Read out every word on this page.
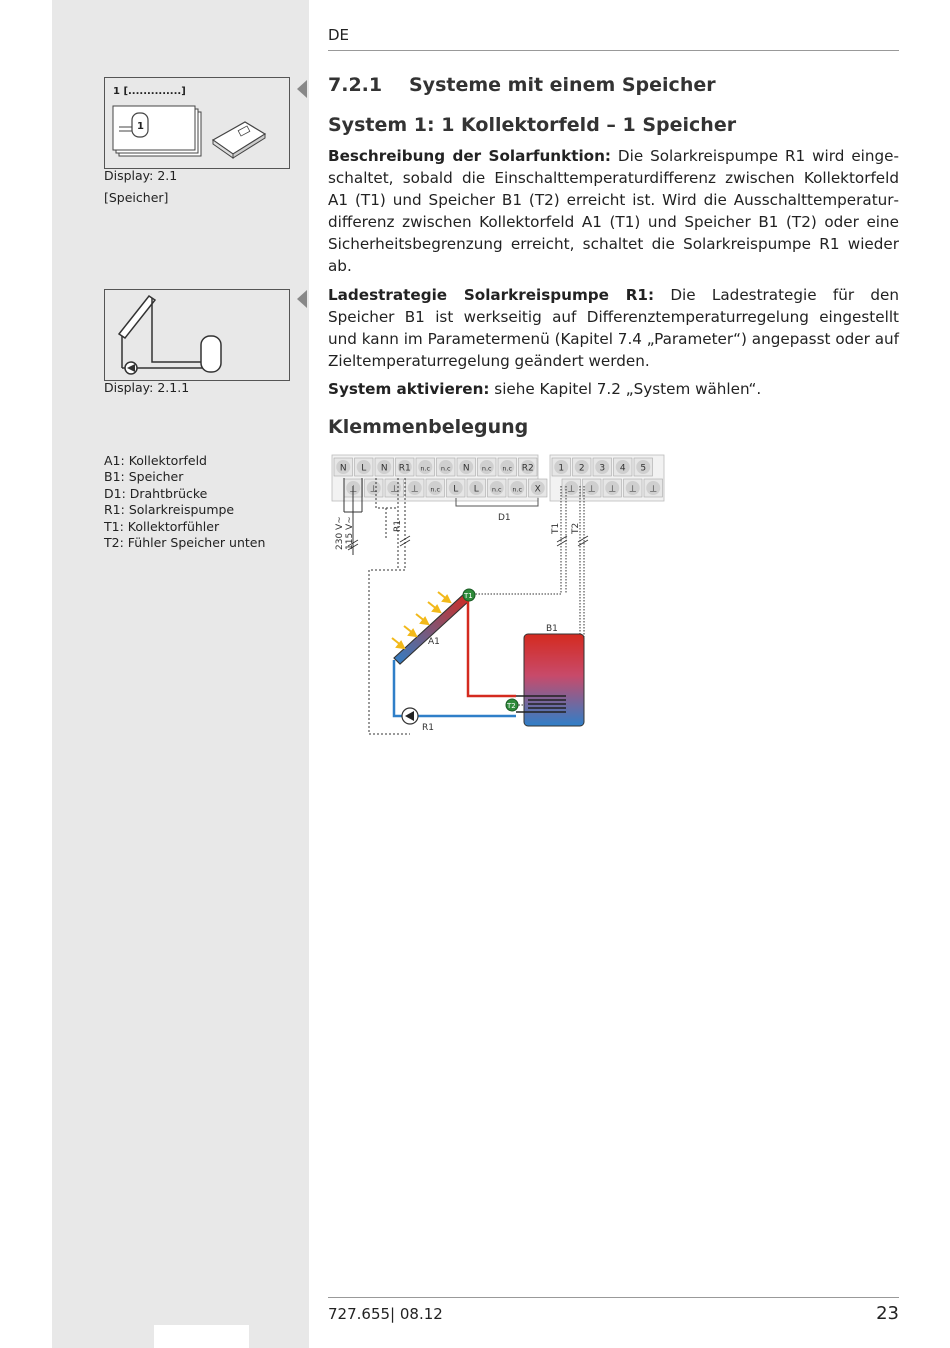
DE
7.2.1 Systeme mit einem Speicher
System 1: 1 Kollektorfeld – 1 Speicher
Beschreibung der Solarfunktion: Die Solarkreispumpe R1 wird eingeschaltet, sobald die Einschalttemperaturdifferenz zwischen Kollektorfeld A1 (T1) und Speicher B1 (T2) erreicht ist. Wird die Ausschalttemperaturdifferenz zwischen Kollektorfeld A1 (T1) und Speicher B1 (T2) oder eine Sicherheitsbegrenzung erreicht, schaltet die Solarkreispumpe R1 wieder ab.
Ladestrategie Solarkreispumpe R1: Die Ladestrategie für den Speicher B1 ist werkseitig auf Differenztemperaturregelung eingestellt und kann im Parametermenü (Kapitel 7.4 „Parameter“) angepasst oder auf Zieltemperaturregelung geändert werden.
System aktivieren: siehe Kapitel 7.2 „System wählen“.
Klemmenbelegung
1 [..............]
1
Display: 2.1
[Speicher]
Display: 2.1.1
A1: Kollektorfeld
B1: Speicher
D1: Drahtbrücke
R1: Solarkreispumpe
T1: Kollektorfühler
T2: Fühler Speicher unten
N L N R1 n.c n.c N n.c n.c R2
⊥ ⊥ ⊥ ⊥ n.c L L n.c n.c X
1 2 3 4 5
⊥ ⊥ ⊥ ⊥ ⊥
D1
230 V~ 115 V~	R1	T1 T2
A1
B1
R1
T1
T2
727.655| 08.12	23
